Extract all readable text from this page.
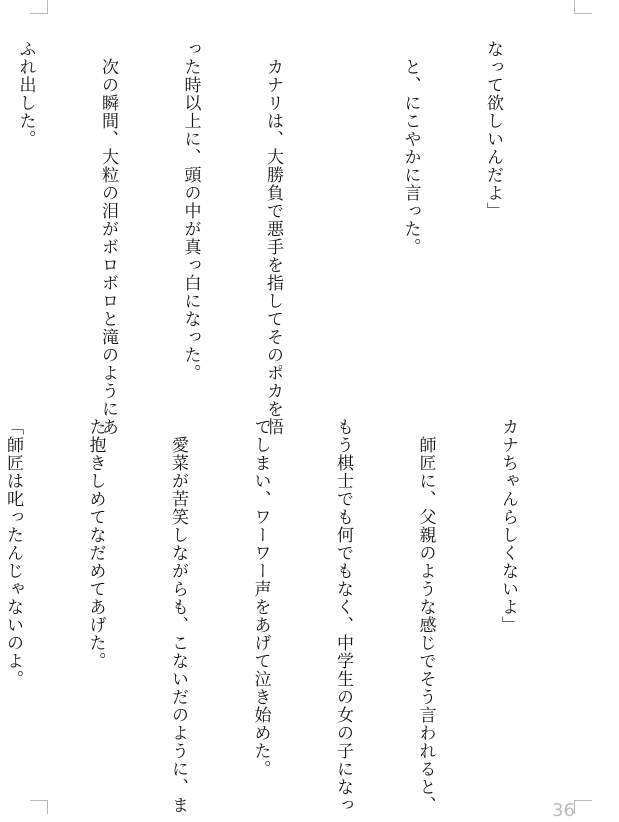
なって欲しいんだよ」

　と、にこやかに言った。

　カナリは、大勝負で悪手を指してそのポカを悟

った時以上に、頭の中が真っ白になった。

　次の瞬間、大粒の泪がボロボロと滝のようにあ

ふれ出した。

カナちゃんらしくないよ」

　師匠に、父親のような感じでそう言われると、

もう棋士でも何でもなく、中学生の女の子になっ

てしまい、ワーワー声をあげて泣き始めた。

　愛菜が苦笑しながらも、こないだのように、ま

た抱きしめてなだめてあげた。

「師匠は叱ったんじゃないのよ。

36
